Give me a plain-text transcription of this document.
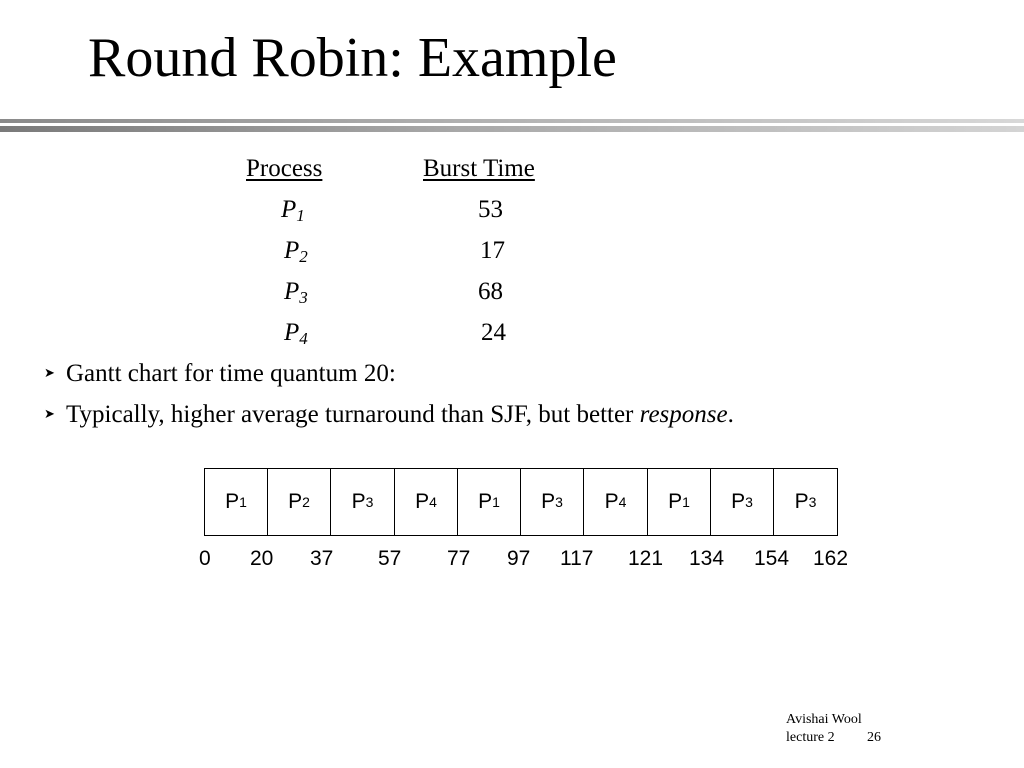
Round Robin: Example
Process	Burst Time
$P_1$	53
$P_2$	17
$P_3$	68
$P_4$	24
➤ Gantt chart for time quantum 20:
➤ Typically, higher average turnaround than SJF, but better response.
P 1 P 2 P 3 P 4 P 1 P 3 P 4 P 1 P 3 P 3
0 20 37 57 77 97 117 121 134 154 162
Avishai Wool
lecture 2 26
